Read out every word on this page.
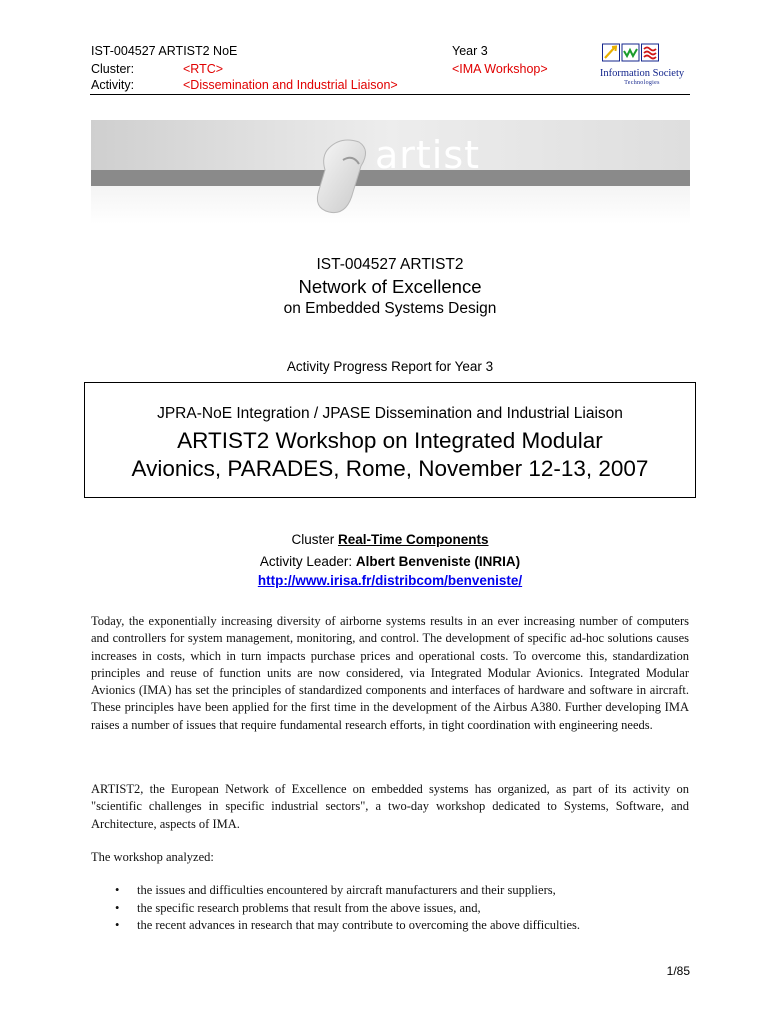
IST-004527 ARTIST2 NoE	Year 3
Cluster:	<RTC>	<IMA Workshop>
Activity:	<Dissemination and Industrial Liaison>
Information Society
Technologies
artist
IST-004527 ARTIST2
Network of Excellence
on Embedded Systems Design
Activity Progress Report for Year 3
JPRA-NoE Integration / JPASE Dissemination and Industrial Liaison
ARTIST2 Workshop on Integrated Modular
Avionics, PARADES, Rome, November 12-13, 2007
Cluster Real-Time Components
Activity Leader: Albert Benveniste (INRIA)
http://www.irisa.fr/distribcom/benveniste/
Today, the exponentially increasing diversity of airborne systems results in an ever increasing number of computers and controllers for system management, monitoring, and control. The development of specific ad-hoc solutions causes increases in costs, which in turn impacts purchase prices and operational costs. To overcome this, standardization principles and reuse of function units are now considered, via Integrated Modular Avionics. Integrated Modular Avionics (IMA) has set the principles of standardized components and interfaces of hardware and software in aircraft. These principles have been applied for the first time in the development of the Airbus A380. Further developing IMA raises a number of issues that require fundamental research efforts, in tight coordination with engineering needs.
ARTIST2, the European Network of Excellence on embedded systems has organized, as part of its activity on "scientific challenges in specific industrial sectors", a two-day workshop dedicated to Systems, Software, and Architecture, aspects of IMA.
The workshop analyzed:
• the issues and difficulties encountered by aircraft manufacturers and their suppliers,
• the specific research problems that result from the above issues, and,
• the recent advances in research that may contribute to overcoming the above difficulties.
1/85
